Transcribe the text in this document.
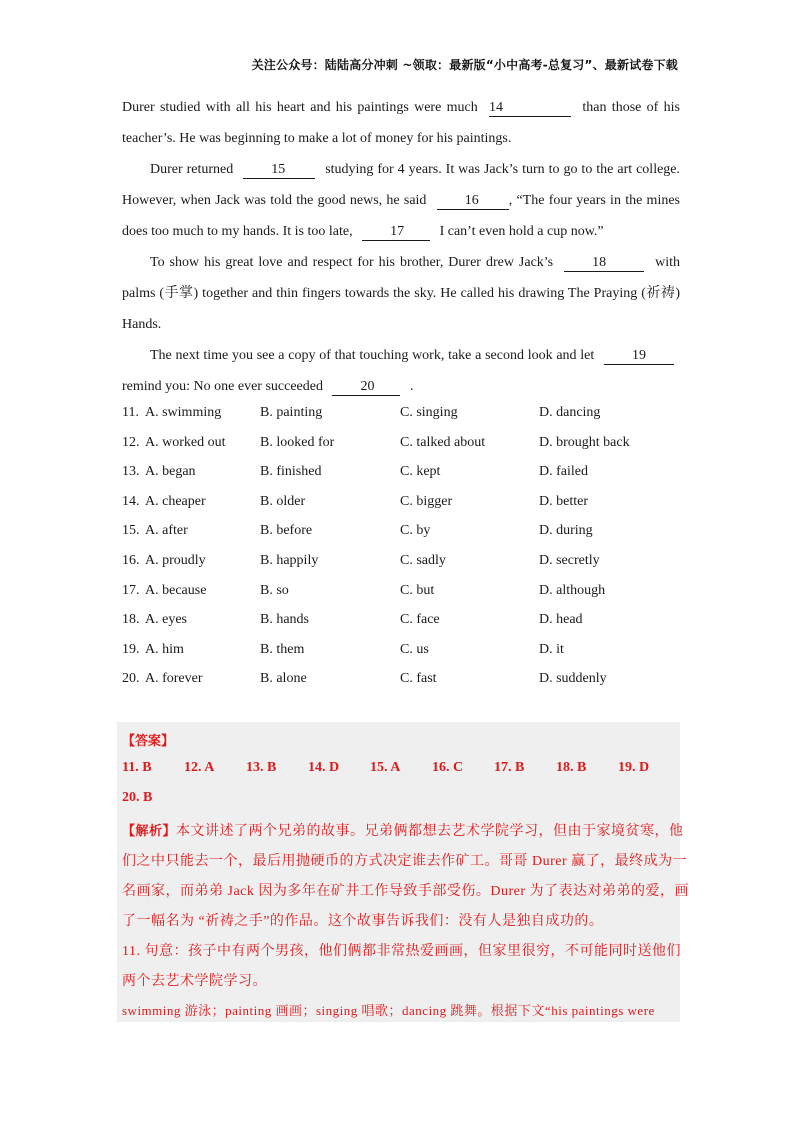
关注公众号：陆陆高分冲刺 ~领取：最新版“小中高考-总复习”、最新试卷下载

Durer studied with all his heart and his paintings were much 14	than those of his teacher’s. He was beginning to make a lot of money for his paintings.

Durer returned	15	studying for 4 years. It was Jack’s turn to go to the art college. However, when Jack was told the good news, he said	16 , “The four years in the mines does too much to my hands. It is too late,	17	I can’t even hold a cup now.”

To show his great love and respect for his brother, Durer drew Jack’s	18	with palms (手掌) together and thin fingers towards the sky. He called his drawing The Praying (祈祷) Hands.

The next time you see a copy of that touching work, take a second look and let	19 remind you: No one ever succeeded	20	.

11. A. swimming	B. painting	C. singing	D. dancing
12. A. worked out B. looked for	C. talked about	D. brought back
13. A. began	B. finished	C. kept	D. failed
14. A. cheaper	B. older	C. bigger	D. better
15. A. after	B. before	C. by	D. during
16. A. proudly	B. happily	C. sadly	D. secretly
17. A. because	B. so	C. but	D. although
18. A. eyes	B. hands	C. face	D. head
19. A. him	B. them	C. us	D. it
20. A. forever	B. alone	C. fast	D. suddenly
【答案】
11. B 12. A 13. B 14. D 15. A 16. C 17. B 18. B 19. D
20. B
【解析】本文讲述了两个兄弟的故事。兄弟俩都想去艺术学院学习，但由于家境贫寒，他
们之中只能去一个，最后用抛硬币的方式决定谁去作矿工。哥哥 Durer 赢了，最终成为一
名画家，而弟弟 Jack 因为多年在矿井工作导致手部受伤。Durer 为了表达对弟弟的爱，画
了一幅名为 “祈祷之手”的作品。这个故事告诉我们：没有人是独自成功的。
11. 句意：孩子中有两个男孩，他们俩都非常热爱画画，但家里很穷，不可能同时送他们
两个去艺术学院学习。
swimming 游泳；painting 画画；singing 唱歌；dancing 跳舞。根据下文“his paintings were
